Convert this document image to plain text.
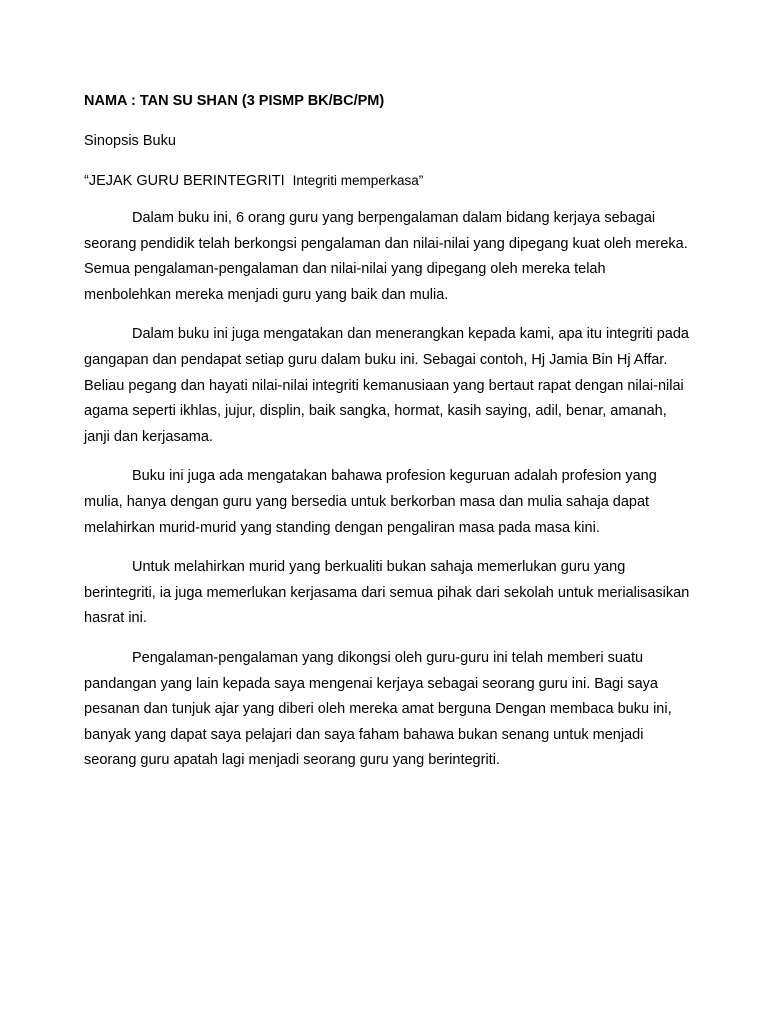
NAMA : TAN SU SHAN (3 PISMP BK/BC/PM)
Sinopsis Buku
“JEJAK GURU BERINTEGRITI Integriti memperkasa”

Dalam buku ini, 6 orang guru yang berpengalaman dalam bidang kerjaya sebagai seorang pendidik telah berkongsi pengalaman dan nilai-nilai yang dipegang kuat oleh mereka. Semua pengalaman-pengalaman dan nilai-nilai yang dipegang oleh mereka telah menbolehkan mereka menjadi guru yang baik dan mulia.

Dalam buku ini juga mengatakan dan menerangkan kepada kami, apa itu integriti pada gangapan dan pendapat setiap guru dalam buku ini. Sebagai contoh, Hj Jamia Bin Hj Affar. Beliau pegang dan hayati nilai-nilai integriti kemanusiaan yang bertaut rapat dengan nilai-nilai agama seperti ikhlas, jujur, displin, baik sangka, hormat, kasih saying, adil, benar, amanah, janji dan kerjasama.

Buku ini juga ada mengatakan bahawa profesion keguruan adalah profesion yang mulia, hanya dengan guru yang bersedia untuk berkorban masa dan mulia sahaja dapat melahirkan murid-murid yang standing dengan pengaliran masa pada masa kini.

Untuk melahirkan murid yang berkualiti bukan sahaja memerlukan guru yang berintegriti, ia juga memerlukan kerjasama dari semua pihak dari sekolah untuk merialisasikan hasrat ini.

Pengalaman-pengalaman yang dikongsi oleh guru-guru ini telah memberi suatu pandangan yang lain kepada saya mengenai kerjaya sebagai seorang guru ini. Bagi saya pesanan dan tunjuk ajar yang diberi oleh mereka amat berguna Dengan membaca buku ini, banyak yang dapat saya pelajari dan saya faham bahawa bukan senang untuk menjadi seorang guru apatah lagi menjadi seorang guru yang berintegriti.
